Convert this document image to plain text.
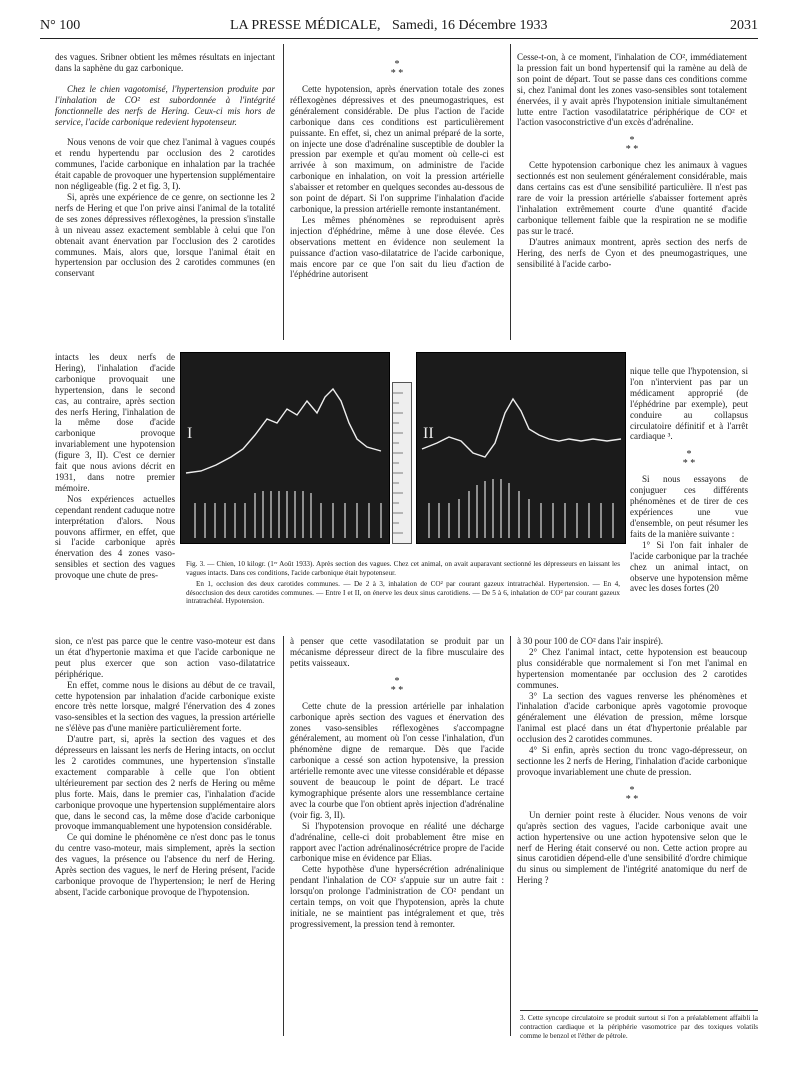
N° 100	LA PRESSE MÉDICALE, Samedi, 16 Décembre 1933	2031

des vagues. Sribner obtient les mêmes résultats en injectant dans la saphène du gaz carbonique.

Chez le chien vagotomisé, l'hypertension produite par l'inhalation de CO² est subordonnée à l'intégrité fonctionnelle des nerfs de Hering. Ceux-ci mis hors de service, l'acide carbonique redevient hypotenseur.

Nous venons de voir que chez l'animal à vagues coupés et rendu hypertendu par occlusion des 2 carotides communes, l'acide carbonique en inhalation par la trachée était capable de provoquer une hypertension supplémentaire non négligeable (fig. 2 et fig. 3, I).

Si, après une expérience de ce genre, on sectionne les 2 nerfs de Hering et que l'on prive ainsi l'animal de la totalité de ses zones dépressives réflexogènes, la pression s'installe à un niveau assez exactement semblable à celui que l'on obtenait avant énervation par l'occlusion des 2 carotides communes. Mais, alors que, lorsque l'animal était en hypertension par occlusion des 2 carotides communes (en conservant

intacts les deux nerfs de Hering), l'inhalation d'acide carbonique provoquait une hypertension, dans le second cas, au contraire, après section des nerfs Hering, l'inhalation de la même dose d'acide carbonique provoque invariablement une hypotension (figure 3, II). C'est ce dernier fait que nous avions décrit en 1931, dans notre premier mémoire.

Nos expériences actuelles cependant rendent caduque notre interprétation d'alors. Nous pouvons affirmer, en effet, que si l'acide carbonique après énervation des 4 zones vaso-sensibles et section des vagues provoque une chute de pres-

sion, ce n'est pas parce que le centre vaso-moteur est dans un état d'hypertonie maxima et que l'acide carbonique ne peut plus exercer que son action vaso-dilatatrice périphérique.

En effet, comme nous le disions au début de ce travail, cette hypotension par inhalation d'acide carbonique existe encore très nette lorsque, malgré l'énervation des 4 zones vaso-sensibles et la section des vagues, la pression artérielle ne s'élève pas d'une manière particulièrement forte.

D'autre part, si, après la section des vagues et des dépresseurs en laissant les nerfs de Hering intacts, on occlut les 2 carotides communes, une hypertension s'installe exactement comparable à celle que l'on obtient ultérieurement par section des 2 nerfs de Hering ou même plus forte. Mais, dans le premier cas, l'inhalation d'acide carbonique provoque une hypertension supplémentaire alors que, dans le second cas, la même dose d'acide carbonique provoque immanquablement une hypotension considérable.

Ce qui domine le phénomène ce n'est donc pas le tonus du centre vaso-moteur, mais simplement, après la section des vagues, la présence ou l'absence du nerf de Hering. Après section des vagues, le nerf de Hering présent, l'acide carbonique provoque de l'hypertension; le nerf de Hering absent, l'acide carbonique provoque de l'hypotension.

*
* *

Cette hypotension, après énervation totale des zones réflexogènes dépressives et des pneumogastriques, est généralement considérable. De plus l'action de l'acide carbonique dans ces conditions est particulièrement puissante. En effet, si, chez un animal préparé de la sorte, on injecte une dose d'adrénaline susceptible de doubler la pression par exemple et qu'au moment où celle-ci est arrivée à son maximum, on administre de l'acide carbonique en inhalation, on voit la pression artérielle s'abaisser et retomber en quelques secondes au-dessous de son point de départ. Si l'on supprime l'inhalation d'acide carbonique, la pression artérielle remonte instantanément.

Les mêmes phénomènes se reproduisent après injection d'éphédrine, même à une dose élevée. Ces observations mettent en évidence non seulement la puissance d'action vaso-dilatatrice de l'acide carbonique, mais encore par ce que l'on sait du lieu d'action de l'éphédrine autorisent

I	II

Fig. 3. — Chien, 10 kilogr. (1ᵉʳ Août 1933). Après section des vagues. Chez cet animal, on avait auparavant sectionné les dépresseurs en laissant les vagues intacts. Dans ces conditions, l'acide carbonique était hypotenseur.

En 1, occlusion des deux carotides communes. — De 2 à 3, inhalation de CO² par courant gazeux intratrachéal. Hypertension. — En 4, désocclusion des deux carotides communes. — Entre I et II, on énerve les deux sinus carotidiens. — De 5 à 6, inhalation de CO² par courant gazeux intratrachéal. Hypotension.

à penser que cette vasodilatation se produit par un mécanisme dépresseur direct de la fibre musculaire des petits vaisseaux.

*
* *

Cette chute de la pression artérielle par inhalation carbonique après section des vagues et énervation des zones vaso-sensibles réflexogènes s'accompagne généralement, au moment où l'on cesse l'inhalation, d'un phénomène digne de remarque. Dès que l'acide carbonique a cessé son action hypotensive, la pression artérielle remonte avec une vitesse considérable et dépasse souvent de beaucoup le point de départ. Le tracé kymographique présente alors une ressemblance certaine avec la courbe que l'on obtient après injection d'adrénaline (voir fig. 3, II).

Si l'hypotension provoque en réalité une décharge d'adrénaline, celle-ci doit probablement être mise en rapport avec l'action adrénalinosécrétrice propre de l'acide carbonique mise en évidence par Elias.

Cette hypothèse d'une hypersécrétion adrénalinique pendant l'inhalation de CO² s'appuie sur un autre fait : lorsqu'on prolonge l'administration de CO² pendant un certain temps, on voit que l'hypotension, après la chute initiale, ne se maintient pas intégralement et que, très progressivement, la pression tend à remonter.

Cesse-t-on, à ce moment, l'inhalation de CO², immédiatement la pression fait un bond hypertensif qui la ramène au delà de son point de départ. Tout se passe dans ces conditions comme si, chez l'animal dont les zones vaso-sensibles sont totalement énervées, il y avait après l'hypotension initiale simultanément lutte entre l'action vasodilatatrice périphérique de CO² et l'action vasoconstrictive d'un excès d'adrénaline.

*
* *

Cette hypotension carbonique chez les animaux à vagues sectionnés est non seulement généralement considérable, mais dans certains cas est d'une sensibilité particulière. Il n'est pas rare de voir la pression artérielle s'abaisser fortement après l'inhalation extrêmement courte d'une quantité d'acide carbonique tellement faible que la respiration ne se modifie pas sur le tracé.

D'autres animaux montrent, après section des nerfs de Hering, des nerfs de Cyon et des pneumogastriques, une sensibilité à l'acide carbo-

nique telle que l'hypotension, si l'on n'intervient pas par un médicament approprié (de l'éphédrine par exemple), peut conduire au collapsus circulatoire définitif et à l'arrêt cardiaque ³.

*
* *

Si nous essayons de conjuguer ces différents phénomènes et de tirer de ces expériences une vue d'ensemble, on peut résumer les faits de la manière suivante :

1° Si l'on fait inhaler de l'acide carbonique par la trachée chez un animal intact, on observe une hypotension même avec les doses fortes (20

à 30 pour 100 de CO² dans l'air inspiré).

2° Chez l'animal intact, cette hypotension est beaucoup plus considérable que normalement si l'on met l'animal en hypertension momentanée par occlusion des 2 carotides communes.

3° La section des vagues renverse les phénomènes et l'inhalation d'acide carbonique après vagotomie provoque généralement une élévation de pression, même lorsque l'animal est placé dans un état d'hypertonie préalable par occlusion des 2 carotides communes.

4° Si enfin, après section du tronc vago-dépresseur, on sectionne les 2 nerfs de Hering, l'inhalation d'acide carbonique provoque invariablement une chute de pression.

*
* *

Un dernier point reste à élucider. Nous venons de voir qu'après section des vagues, l'acide carbonique avait une action hypertensive ou une action hypotensive selon que le nerf de Hering était conservé ou non. Cette action propre au sinus carotidien dépend-elle d'une sensibilité d'ordre chimique du sinus ou simplement de l'intégrité anatomique du nerf de Hering ?

3. Cette syncope circulatoire se produit surtout si l'on a préalablement affaibli la contraction cardiaque et la périphérie vasomotrice par des toxiques volatils comme le benzol et l'éther de pétrole.
